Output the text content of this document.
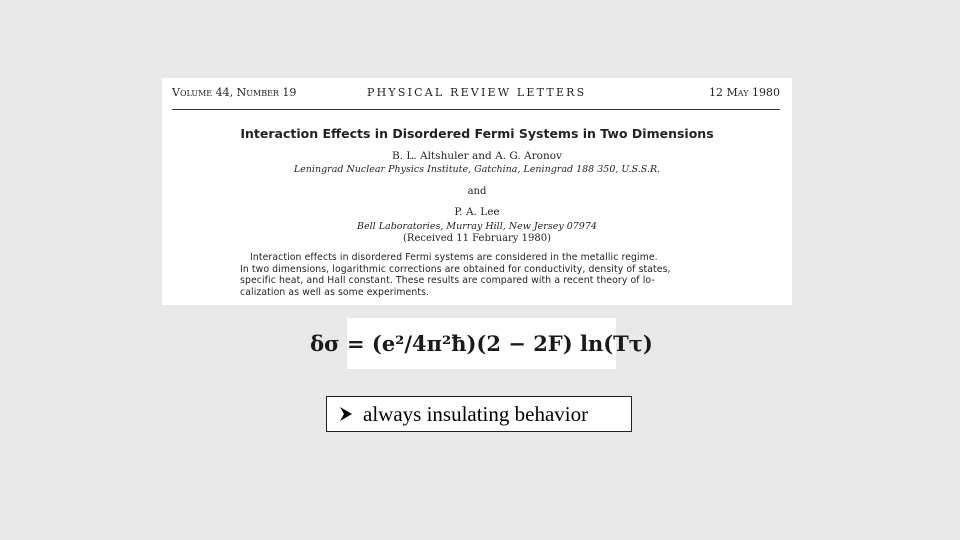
Volume 44, Number 19	PHYSICAL REVIEW LETTERS	12 May 1980
Interaction Effects in Disordered Fermi Systems in Two Dimensions
B. L. Altshuler and A. G. Aronov
Leningrad Nuclear Physics Institute, Gatchina, Leningrad 188 350, U.S.S.R.
and
P. A. Lee
Bell Laboratories, Murray Hill, New Jersey 07974
(Received 11 February 1980)
Interaction effects in disordered Fermi systems are considered in the metallic regime.
In two dimensions, logarithmic corrections are obtained for conductivity, density of states,
specific heat, and Hall constant. These results are compared with a recent theory of lo-
calization as well as some experiments.
δσ = (e²/4π²ħ)(2 − 2F) ln(Tτ)
always insulating behavior
